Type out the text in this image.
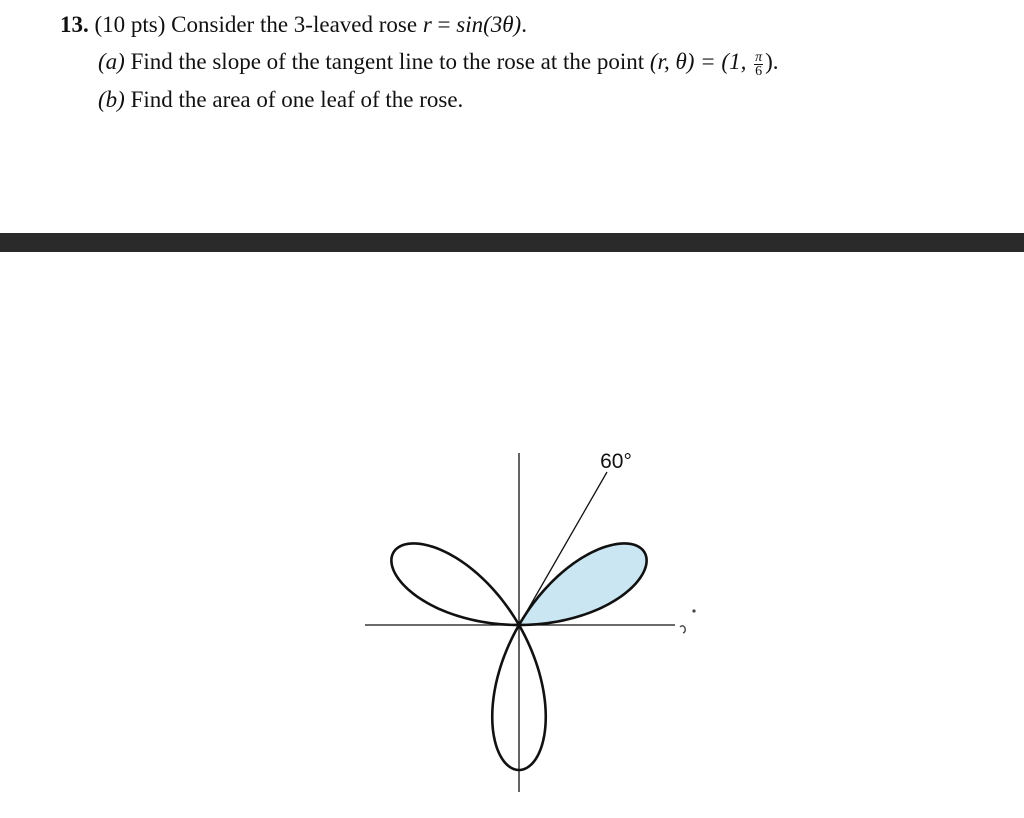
13. (10 pts) Consider the 3-leaved rose r = sin(3θ).
(a) Find the slope of the tangent line to the rose at the point (r, θ) = (1, $\frac{\pi}{6}$ ).
(b) Find the area of one leaf of the rose.
60°
